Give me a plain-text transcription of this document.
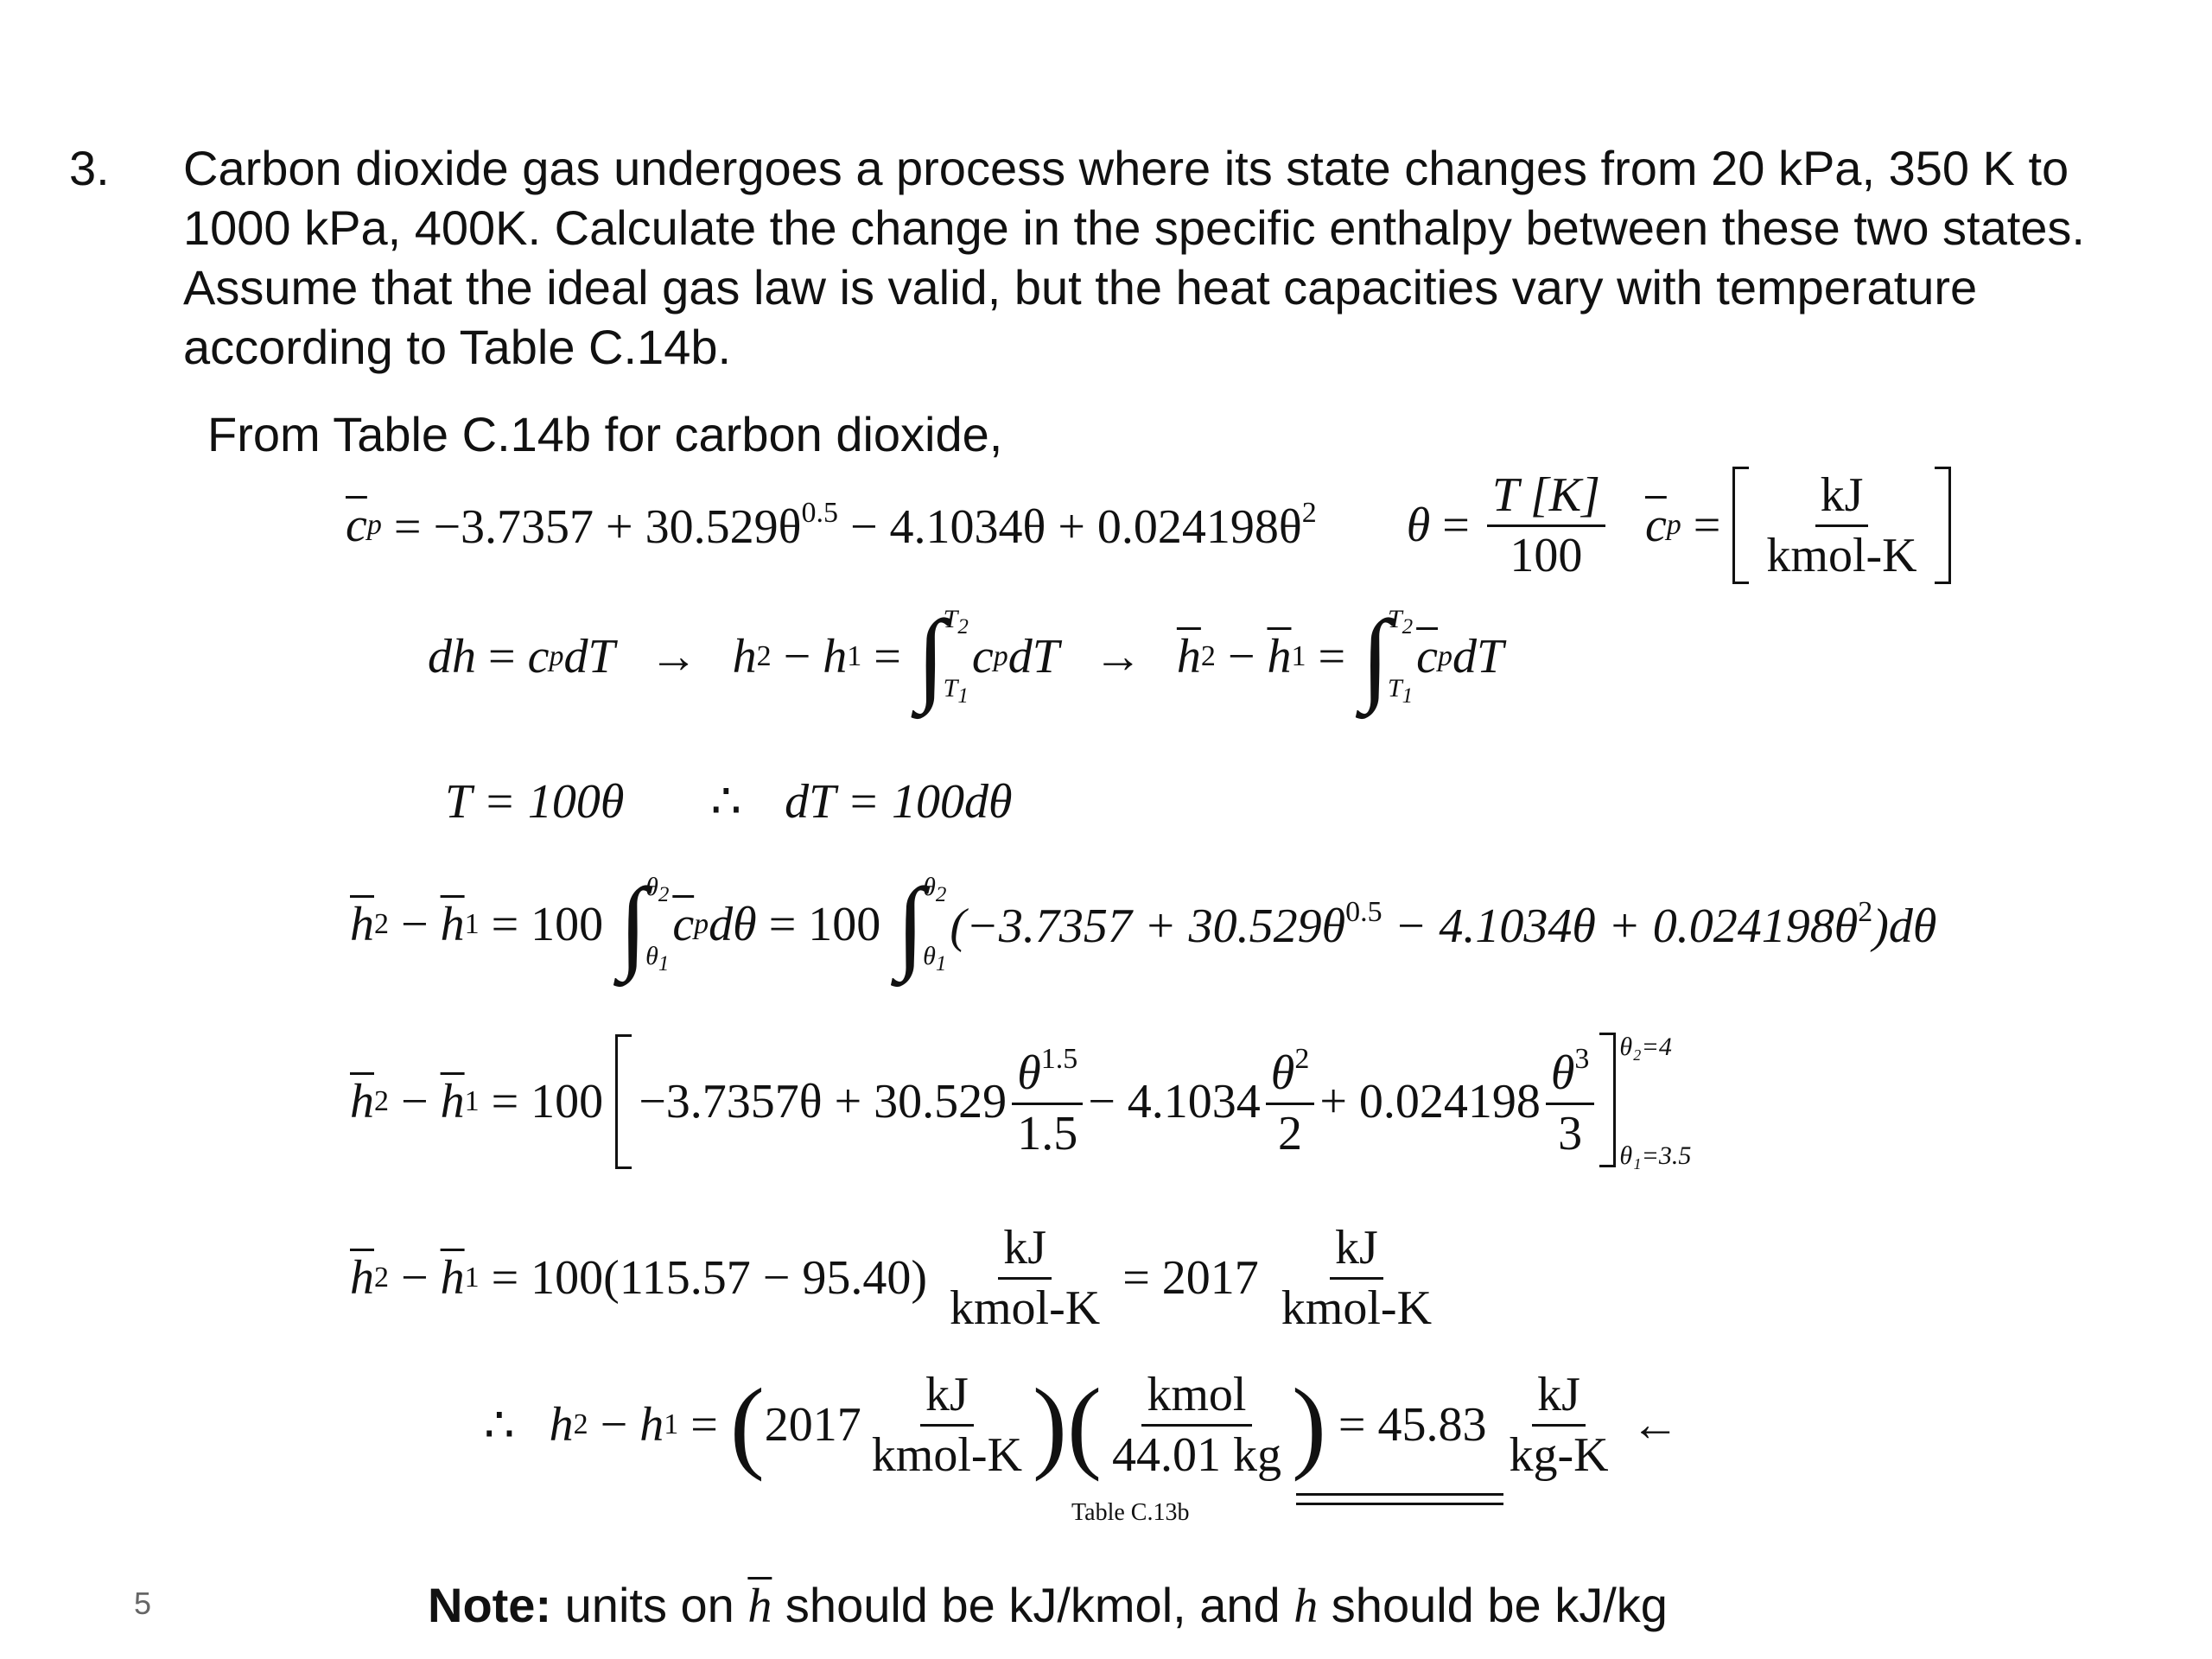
3. Carbon dioxide gas undergoes a process where its state changes from 20 kPa, 350 K to
1000 kPa, 400K. Calculate the change in the specific enthalpy between these two states.
Assume that the ideal gas law is valid, but the heat capacities vary with temperature
according to Table C.14b.
From Table C.14b for carbon dioxide,
$\overline{c}$ $p = -3.7357 + 30.529\theta^{0.5} - 4.1034\theta + 0.024198\theta^2$ $\theta = \frac{T [K]}{100} \overline{c}$ $p = \frac{kJ}{\text{kmol-K}}$
dh = c p dT → h 2 − h 1 = ∫
$T_2$
$T_1$
c p dT → $\overline{h}$ $2 - \overline{h}$ 1 = ∫
$T_2$
$T_1$
$\overline{c}$ p dT
T = 100θ ∴ dT = 100dθ
$\overline{h}$ $2 - \overline{h}$ 1 = 100 ∫
$\theta_2$
$\theta_1$
$\overline{c}$ p dθ = 100 ∫
$\theta_2$
$\theta_1$
$(-3.7357 + 30.529\theta^{0.5} - 4.1034\theta + 0.024198\theta^2)d\theta$
$\overline{h}$ $2 - \overline{h}$ $1 = 100 -3.7357\theta + 30.529 \frac{\theta^{1.5}}{1.5} - 4.1034 \frac{\theta^2}{2} + 0.024198 \frac{\theta^3}{3} \theta_2=4$
θ₁=3.5
$\overline{h}$ $2 - \overline{h}$ $1 = 100(115.57 - 95.40) \frac{kJ}{\text{kmol-K}} = 2017 \frac{kJ}{\text{kmol-K}}$
∴ h 2 − h 1 = ( $2017 \frac{kJ}{\text{kmol-K}}$ )( $\frac{\text{kmol}}{44.01 kg}$ ) = $45.83 \frac{kJ}{kg-K}$ ←
Table C.13b
Note: units on $\overline{h}$ should be kJ/kmol, and h should be kJ/kg
5
